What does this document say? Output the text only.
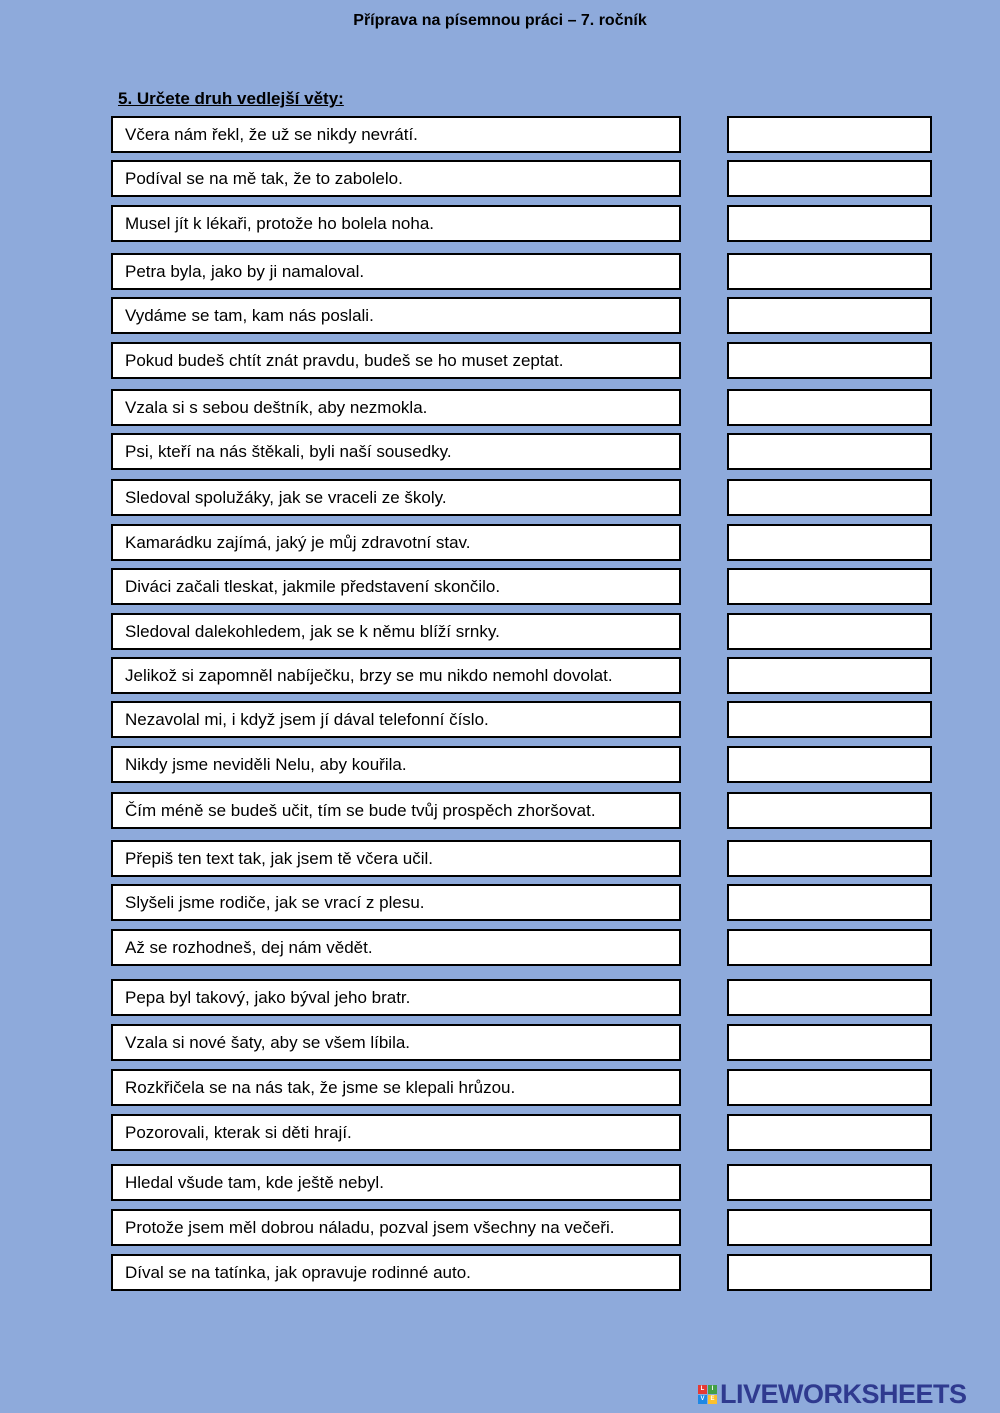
Příprava na písemnou práci – 7. ročník
5. Určete druh vedlejší věty:
Včera nám řekl, že už se nikdy nevrátí.
Podíval se na mě tak, že to zabolelo.
Musel jít k lékaři, protože ho bolela noha.
Petra byla, jako by ji namaloval.
Vydáme se tam, kam nás poslali.
Pokud budeš chtít znát pravdu, budeš se ho muset zeptat.
Vzala si s sebou deštník, aby nezmokla.
Psi, kteří na nás štěkali, byli naší sousedky.
Sledoval spolužáky, jak se vraceli ze školy.
Kamarádku zajímá, jaký je můj zdravotní stav.
Diváci začali tleskat, jakmile představení skončilo.
Sledoval dalekohledem, jak se k němu blíží srnky.
Jelikož si zapomněl nabíječku, brzy se mu nikdo nemohl dovolat.
Nezavolal mi, i když jsem jí dával telefonní číslo.
Nikdy jsme neviděli Nelu, aby kouřila.
Čím méně se budeš učit, tím se bude tvůj prospěch zhoršovat.
Přepiš ten text tak, jak jsem tě včera učil.
Slyšeli jsme rodiče, jak se vrací z plesu.
Až se rozhodneš, dej nám vědět.
Pepa byl takový, jako býval jeho bratr.
Vzala si nové šaty, aby se všem líbila.
Rozkřičela se na nás tak, že jsme se klepali hrůzou.
Pozorovali, kterak si děti hrají.
Hledal všude tam, kde ještě nebyl.
Protože jsem měl dobrou náladu, pozval jsem všechny na večeři.
Díval se na tatínka, jak opravuje rodinné auto.
L	I
V E LIVEWORKSHEETS
